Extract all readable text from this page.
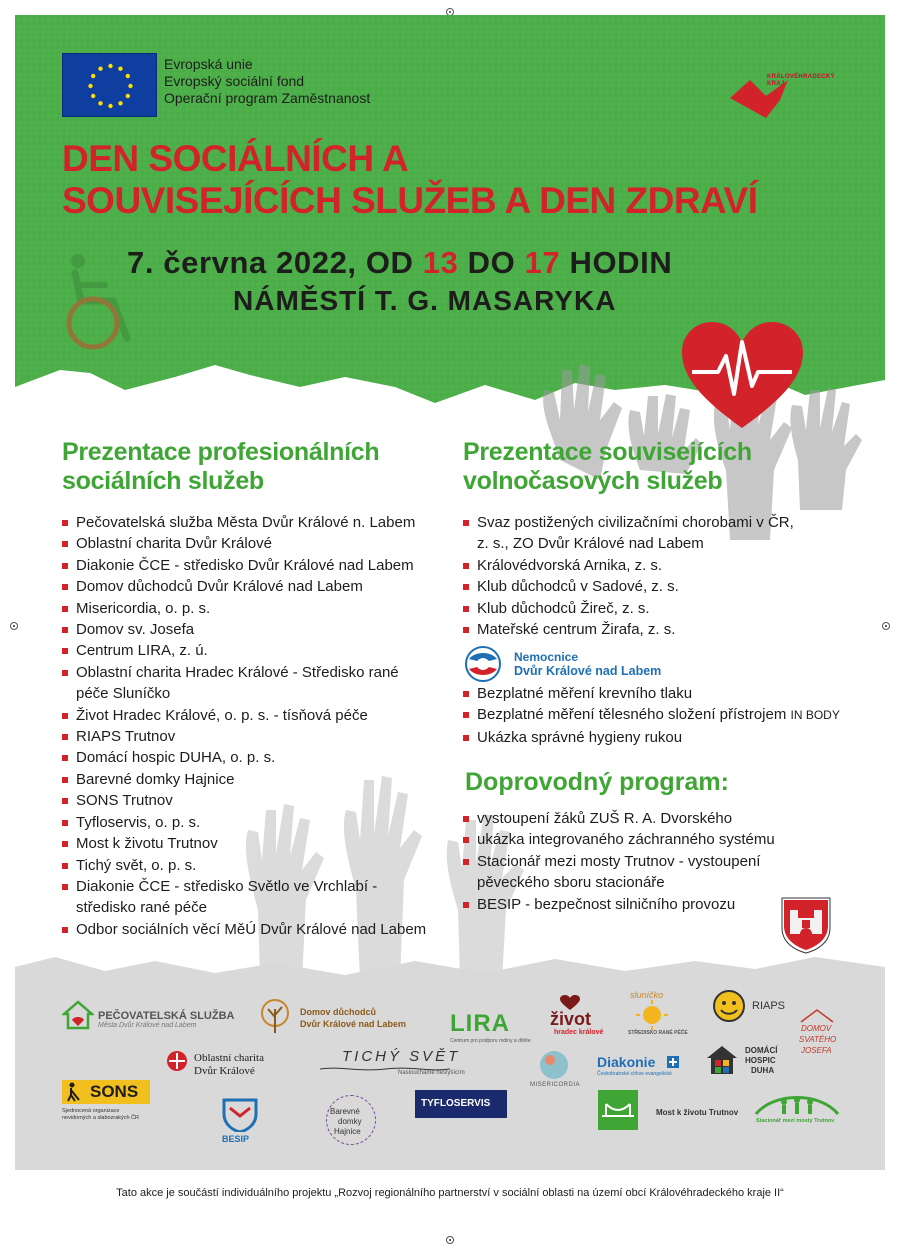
Evropská unie
Evropský sociální fond
Operační program Zaměstnanost
KRÁLOVÉHRADECKÝ
KRAJ
DEN SOCIÁLNÍCH A
SOUVISEJÍCÍCH SLUŽEB A DEN ZDRAVÍ
7. června 2022, OD 13 DO 17 HODIN
NÁMĚSTÍ T. G. MASARYKA
Prezentace profesionálních
sociálních služeb
Pečovatelská služba Města Dvůr Králové n. Labem
Oblastní charita Dvůr Králové
Diakonie ČCE - středisko Dvůr Králové nad Labem
Domov důchodců Dvůr Králové nad Labem
Misericordia, o. p. s.
Domov sv. Josefa
Centrum LIRA, z. ú.
Oblastní charita Hradec Králové - Středisko rané
péče Sluníčko
Život Hradec Králové, o. p. s. - tísňová péče
RIAPS Trutnov
Domácí hospic DUHA, o. p. s.
Barevné domky Hajnice
SONS Trutnov
Tyfloservis, o. p. s.
Most k životu Trutnov
Tichý svět, o. p. s.
Diakonie ČCE - středisko Světlo ve Vrchlabí -
středisko rané péče
Odbor sociálních věcí MěÚ Dvůr Králové nad Labem
Prezentace souvisejících
volnočasových služeb
Svaz postižených civilizačními chorobami v ČR,
z. s., ZO Dvůr Králové nad Labem
Královédvorská Arnika, z. s.
Klub důchodců v Sadové, z. s.
Klub důchodců Žireč, z. s.
Mateřské centrum Žirafa, z. s.
Nemocnice
Dvůr Králové nad Labem
Bezplatné měření krevního tlaku
Bezplatné měření tělesného složení přístrojem IN BODY
Ukázka správné hygieny rukou
Doprovodný program:
vystoupení žáků ZUŠ R. A. Dvorského
ukázka integrovaného záchranného systému
Stacionář mezi mosty Trutnov - vystoupení
pěveckého sboru stacionáře
BESIP - bezpečnost silničního provozu
PEČOVATELSKÁ SLUŽBA
Města Dvůr Králové nad Labem
Domov důchodců
Dvůr Králové nad Labem LIRA
Centrum pro podporu rodiny a dítěte
život
hradec králové
sluníčko
STŘEDISKO RANÉ PÉČE
RIAPS
DOMOV
SVATÉHO
JOSEFA
Oblastní charita
Dvůr Králové
TICHÝ SVĚT
Nasloucháme neslyšícím
MISERICORDIA
Diakonie
Českobratrské církve evangelické
DOMÁCÍ
HOSPIC
DUHA
SONS
Sjednocená organizace
nevidomých a slabozrakých ČR
BESIP
Barevné
domky
Hajnice
TYFLOSERVIS
Most k životu Trutnov
Stacionář mezi mosty Trutnov
Tato akce je součástí individuálního projektu „Rozvoj regionálního partnerství v sociální oblasti na území obcí Královéhradeckého kraje II“
